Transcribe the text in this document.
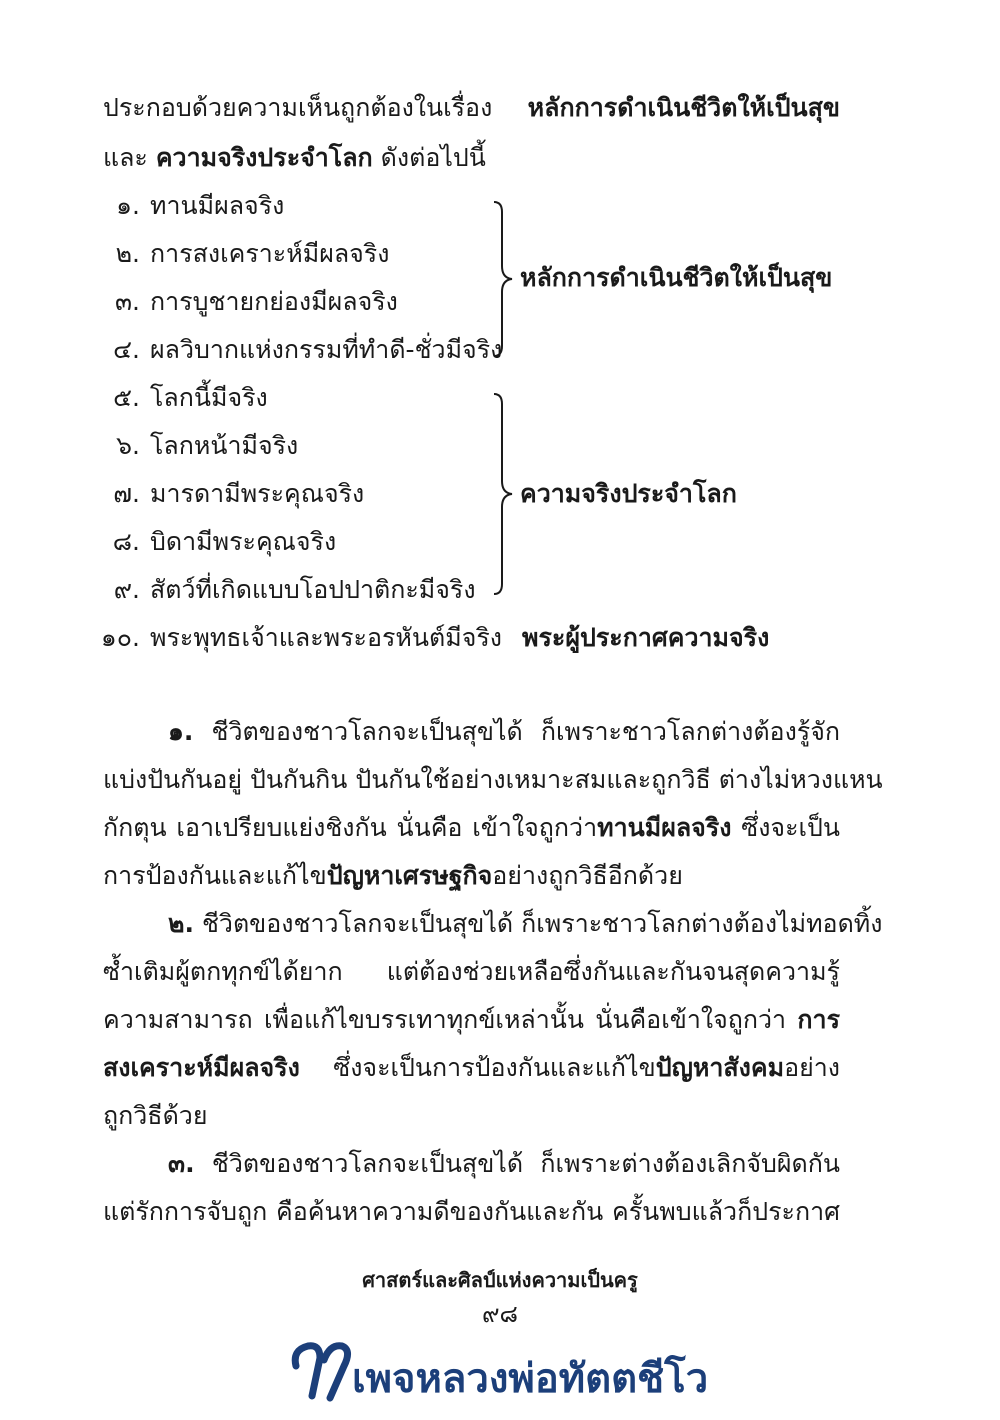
ประกอบด้วยความเห็นถูกต้องในเรื่อง หลักการดำเนินชีวิตให้เป็นสุข
และ ความจริงประจำโลก ดังต่อไปนี้
๑. ทานมีผลจริง
๒. การสงเคราะห์มีผลจริง
๓. การบูชายกย่องมีผลจริง
๔. ผลวิบากแห่งกรรมที่ทำดี-ชั่วมีจริง
๕. โลกนี้มีจริง
๖. โลกหน้ามีจริง
๗. มารดามีพระคุณจริง
๘. บิดามีพระคุณจริง
๙. สัตว์ที่เกิดแบบโอปปาติกะมีจริง
๑๐. พระพุทธเจ้าและพระอรหันต์มีจริง
หลักการดำเนินชีวิตให้เป็นสุข
ความจริงประจำโลก
พระผู้ประกาศความจริง
๑. ชีวิตของชาวโลกจะเป็นสุขได้ ก็เพราะชาวโลกต่างต้องรู้จัก
แบ่งปันกันอยู่ ปันกันกิน ปันกันใช้อย่างเหมาะสมและถูกวิธี ต่างไม่หวงแหน
กักตุน เอาเปรียบแย่งชิงกัน นั่นคือ เข้าใจถูกว่าทานมีผลจริง ซึ่งจะเป็น
การป้องกันและแก้ไขปัญหาเศรษฐกิจอย่างถูกวิธีอีกด้วย
๒. ชีวิตของชาวโลกจะเป็นสุขได้ ก็เพราะชาวโลกต่างต้องไม่ทอดทิ้ง
ซ้ำเติมผู้ตกทุกข์ได้ยาก แต่ต้องช่วยเหลือซึ่งกันและกันจนสุดความรู้
ความสามารถ เพื่อแก้ไขบรรเทาทุกข์เหล่านั้น นั่นคือเข้าใจถูกว่า การ
สงเคราะห์มีผลจริง ซึ่งจะเป็นการป้องกันและแก้ไขปัญหาสังคมอย่าง
ถูกวิธีด้วย
๓. ชีวิตของชาวโลกจะเป็นสุขได้ ก็เพราะต่างต้องเลิกจับผิดกัน
แต่รักการจับถูก คือค้นหาความดีของกันและกัน ครั้นพบแล้วก็ประกาศ
ศาสตร์และศิลป์แห่งความเป็นครู
๙๘
เพจหลวงพ่อทัตตชีโว
